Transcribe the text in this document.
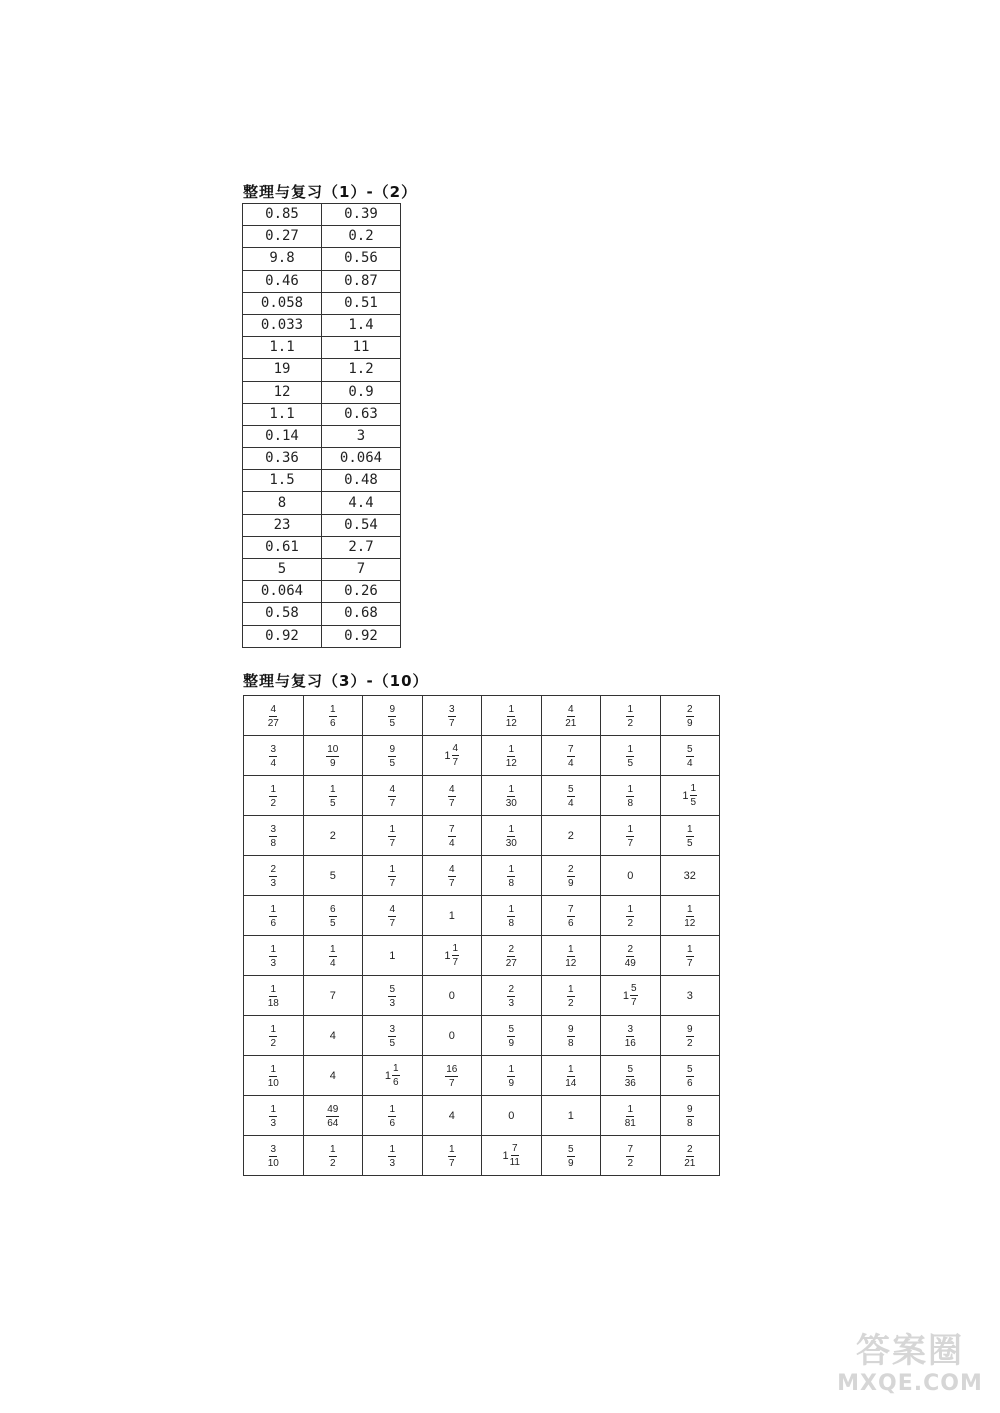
整理与复习（1）-（2）
0.85	0.39
0.27	0.2
9.8	0.56
0.46	0.87
0.058	0.51
0.033	1.4
1.1	11
19	1.2
12	0.9
1.1	0.63
0.14	3
0.36	0.064
1.5	0.48
8	4.4
23	0.54
0.61	2.7
5	7
0.064	0.26
0.58	0.68
0.92	0.92
整理与复习（3）-（10）
$\frac{4}{27}$	$\frac{1}{6}$	$\frac{9}{5}$	$\frac{3}{7}$	$\frac{1}{12}$	$\frac{4}{21}$	$\frac{1}{2}$	$\frac{2}{9}$

$\frac{3}{4}$	$\frac{10}{9}$	$\frac{9}{5}$	$1 \frac{4}{7}$	$\frac{1}{12}$	$\frac{7}{4}$	$\frac{1}{5}$	$\frac{5}{4}$

$\frac{1}{2}$	$\frac{1}{5}$	$\frac{4}{7}$	$\frac{4}{7}$	$\frac{1}{30}$	$\frac{5}{4}$	$\frac{1}{8}$	$1 \frac{1}{5}$

$\frac{3}{8}$	2	$\frac{1}{7}$	$\frac{7}{4}$	$\frac{1}{30}$	2	$\frac{1}{7}$	$\frac{1}{5}$

$\frac{2}{3}$	5	$\frac{1}{7}$	$\frac{4}{7}$	$\frac{1}{8}$	$\frac{2}{9}$	0	32

$\frac{1}{6}$	$\frac{6}{5}$	$\frac{4}{7}$	1	$\frac{1}{8}$	$\frac{7}{6}$	$\frac{1}{2}$	$\frac{1}{12}$

$\frac{1}{3}$	$\frac{1}{4}$	1	$1 \frac{1}{7}$	$\frac{2}{27}$	$\frac{1}{12}$	$\frac{2}{49}$	$\frac{1}{7}$

$\frac{1}{18}$	7	$\frac{5}{3}$	0	$\frac{2}{3}$	$\frac{1}{2}$	$1 \frac{5}{7}$	3

$\frac{1}{2}$	4	$\frac{3}{5}$	0	$\frac{5}{9}$	$\frac{9}{8}$	$\frac{3}{16}$	$\frac{9}{2}$

$\frac{1}{10}$	4	$1 \frac{1}{6}$	$\frac{16}{7}$	$\frac{1}{9}$	$\frac{1}{14}$	$\frac{5}{36}$	$\frac{5}{6}$

$\frac{1}{3}$	$\frac{49}{64}$	$\frac{1}{6}$	4	0	1	$\frac{1}{81}$	$\frac{9}{8}$

$\frac{3}{10}$	$\frac{1}{2}$	$\frac{1}{3}$	$\frac{1}{7}$	$1 \frac{7}{11}$	$\frac{5}{9}$	$\frac{7}{2}$	$\frac{2}{21}$
答案圈
MXQE.COM
